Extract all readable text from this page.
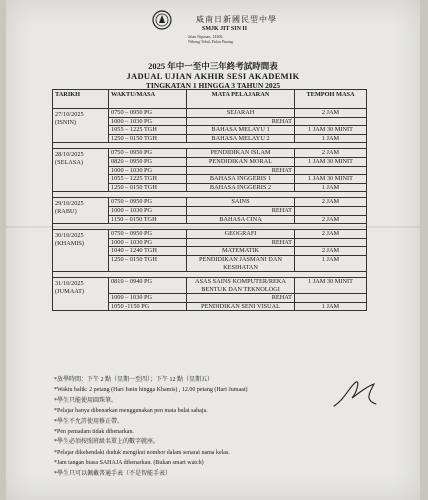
威南日新國民型中學
SMJK JIT SIN II
Jalan Nipasan, 14300,
Nibong Tebal, Pulau Pinang
2025 年中一至中三年終考試時間表
JADUAL UJIAN AKHIR SESI AKADEMIK
TINGKATAN 1 HINGGA 3 TAHUN 2025
TARIKH	WAKTU/MASA	MATA PELAJARAN	TEMPOH MASA

27/10/2025
(ISNIN)	0750 – 0950 PG	SEJARAH	2 JAM
	1000 – 1030 PG	REHAT	
	1055 – 1225 TGH	BAHASA MELAYU 1	1 JAM 30 MINIT
	1250 – 0150 TGH	BAHASA MELAYU 2	1 JAM

28/10/2025
(SELASA)	0750 – 0950 PG	PENDIDIKAN ISLAM	2 JAM
	0820 – 0950 PG	PENDIDIKAN MORAL	1 JAM 30 MINIT
	1000 – 1030 PG	REHAT	
	1055 – 1225 TGH	BAHASA INGGERIS 1	1 JAM 30 MINIT
	1250 – 0150 TGH	BAHASA INGGERIS 2	1 JAM

29/10/2025
(RABU)	0750 – 0950 PG	SAINS	2 JAM
	1000 – 1030 PG	REHAT	
	1150 – 0150 TGH	BAHASA CINA	2 JAM

30/10/2025
(KHAMIS)	0750 – 0950 PG	GEOGRAFI	2 JAM
	1000 – 1030 PG	REHAT	
	1040 – 1240 TGH	MATEMATIK	2 JAM
	1250 – 0150 TGH	PENDIDIKAN JASMANI DAN KESIHATAN	1 JAM

31/10/2025
(JUMAAT)	0810 – 0940 PG	ASAS SAINS KOMPUTER/REKA BENTUK DAN TEKNOLOGI	1 JAM 30 MINIT
	1000 – 1030 PG	REHAT	
	1050 -1150 PG	PENDIDIKAN SENI VISUAL	1 JAM
*放學時間：下午 2 點（星期一至四）；下午 12 點（星期五）
*Waktu balik: 2 petang (Hari Isnin hingga Khamis) , 12.00 petang (Hari Jumaat)
*學生只能使用圓珠筆。
*Pelajar hanya dibenarkan menggunakan pen mata bulat sahaja.
*學生不允許使用修正帶。
*Pen pemadam tidak dibenarkan.
*學生必須按照班級名單上的數字就座。
*Pelajar dikehendaki duduk mengikut nombor dalam senarai nama kelas.
*Jam tangan biasa SAHAJA dibenarkan. (Bukan smart watch)
*學生只可以佩戴普通手表（不是智能手表）
